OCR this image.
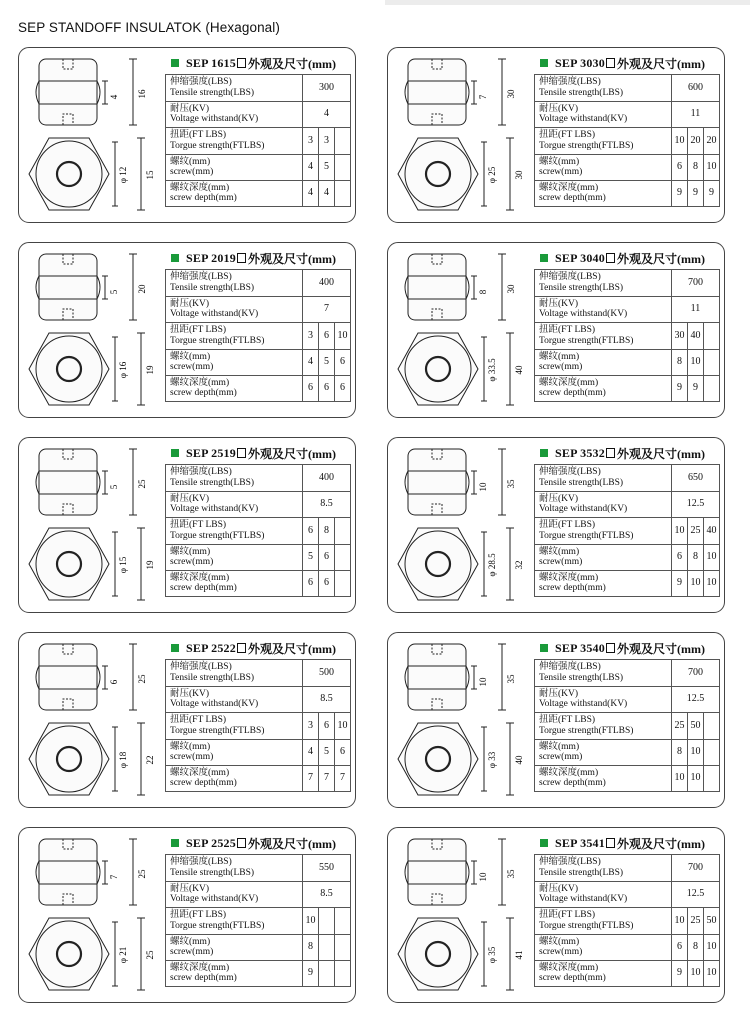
SEP STANDOFF INSULATOK (Hexagonal)
4 16
φ 12 15
SEP 1615 外观及尺寸(mm)
伸缩强度(LBS)
Tensile strength(LBS)	300		

耐压(KV)
Voltage withstand(KV)	4		

扭距(FT LBS)
Torgue strength(FTLBS)	3	3	

螺纹(mm)
screw(mm)	4	5	

螺纹深度(mm)
screw depth(mm)	4	4	
7 30
φ 25 30
SEP 3030 外观及尺寸(mm)
伸缩强度(LBS)
Tensile strength(LBS)	600		

耐压(KV)
Voltage withstand(KV)	11		

扭距(FT LBS)
Torgue strength(FTLBS)	10	20	20

螺纹(mm)
screw(mm)	6	8	10

螺纹深度(mm)
screw depth(mm)	9	9	9
5 20
φ 16 19
SEP 2019 外观及尺寸(mm)
伸缩强度(LBS)
Tensile strength(LBS)	400		

耐压(KV)
Voltage withstand(KV)	7		

扭距(FT LBS)
Torgue strength(FTLBS)	3	6	10

螺纹(mm)
screw(mm)	4	5	6

螺纹深度(mm)
screw depth(mm)	6	6	6
8 30
φ 33.5 40
SEP 3040 外观及尺寸(mm)
伸缩强度(LBS)
Tensile strength(LBS)	700		

耐压(KV)
Voltage withstand(KV)	11		

扭距(FT LBS)
Torgue strength(FTLBS)	30	40	

螺纹(mm)
screw(mm)	8	10	

螺纹深度(mm)
screw depth(mm)	9	9	
5 25
φ 15 19
SEP 2519 外观及尺寸(mm)
伸缩强度(LBS)
Tensile strength(LBS)	400		

耐压(KV)
Voltage withstand(KV)	8.5		

扭距(FT LBS)
Torgue strength(FTLBS)	6	8	

螺纹(mm)
screw(mm)	5	6	

螺纹深度(mm)
screw depth(mm)	6	6	
10 35
φ 28.5 32
SEP 3532 外观及尺寸(mm)
伸缩强度(LBS)
Tensile strength(LBS)	650		

耐压(KV)
Voltage withstand(KV)	12.5		

扭距(FT LBS)
Torgue strength(FTLBS)	10	25	40

螺纹(mm)
screw(mm)	6	8	10

螺纹深度(mm)
screw depth(mm)	9	10	10
6 25
φ 18 22
SEP 2522 外观及尺寸(mm)
伸缩强度(LBS)
Tensile strength(LBS)	500		

耐压(KV)
Voltage withstand(KV)	8.5		

扭距(FT LBS)
Torgue strength(FTLBS)	3	6	10

螺纹(mm)
screw(mm)	4	5	6

螺纹深度(mm)
screw depth(mm)	7	7	7
10 35
φ 33 40
SEP 3540 外观及尺寸(mm)
伸缩强度(LBS)
Tensile strength(LBS)	700		

耐压(KV)
Voltage withstand(KV)	12.5		

扭距(FT LBS)
Torgue strength(FTLBS)	25	50	

螺纹(mm)
screw(mm)	8	10	

螺纹深度(mm)
screw depth(mm)	10	10	
7 25
φ 21 25
SEP 2525 外观及尺寸(mm)
伸缩强度(LBS)
Tensile strength(LBS)	550		

耐压(KV)
Voltage withstand(KV)	8.5		

扭距(FT LBS)
Torgue strength(FTLBS)	10		

螺纹(mm)
screw(mm)	8		

螺纹深度(mm)
screw depth(mm)	9		
10 35
φ 35 41
SEP 3541 外观及尺寸(mm)
伸缩强度(LBS)
Tensile strength(LBS)	700		

耐压(KV)
Voltage withstand(KV)	12.5		

扭距(FT LBS)
Torgue strength(FTLBS)	10	25	50

螺纹(mm)
screw(mm)	6	8	10

螺纹深度(mm)
screw depth(mm)	9	10	10
